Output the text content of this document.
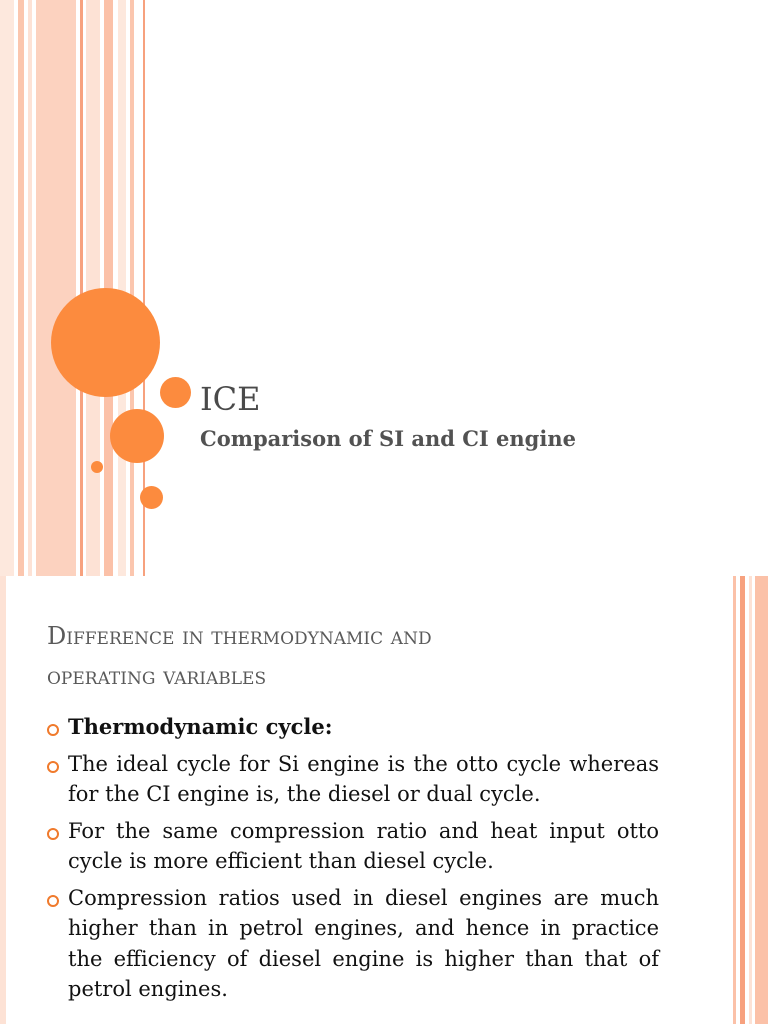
ICE
Comparison of SI and CI engine
Difference in thermodynamic and
operating variables
Thermodynamic cycle:
The ideal cycle for Si engine is the otto cycle whereas for the CI engine is, the diesel or dual cycle.
For the same compression ratio and heat input otto cycle is more efficient than diesel cycle.
Compression ratios used in diesel engines are much higher than in petrol engines, and hence in practice the efficiency of diesel engine is higher than that of petrol engines.
